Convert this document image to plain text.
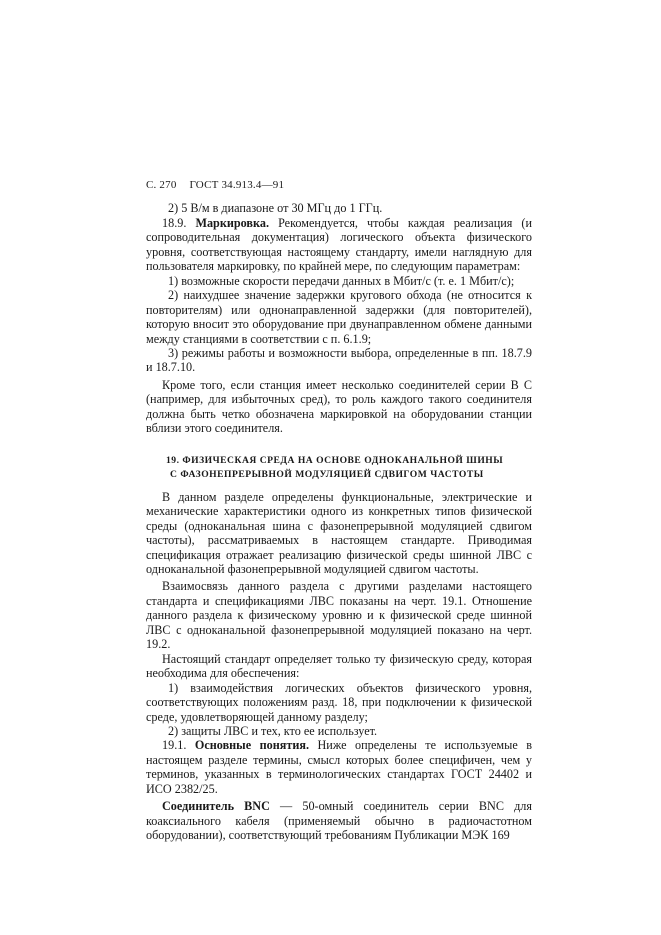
С. 270 ГОСТ 34.913.4—91

2) 5 В/м в диапазоне от 30 МГц до 1 ГГц.

18.9. Маркировка. Рекомендуется, чтобы каждая реализация (и сопроводительная документация) логического объекта физического уровня, соответствующая настоящему стандарту, имели наглядную для пользователя маркировку, по крайней мере, по следующим параметрам:

1) возможные скорости передачи данных в Мбит/с (т. е. 1 Мбит/с);

2) наихудшее значение задержки кругового обхода (не относится к повторителям) или однонаправленной задержки (для повторителей), которую вносит это оборудование при двунаправленном обмене данными между станциями в соответствии с п. 6.1.9;

3) режимы работы и возможности выбора, определенные в пп. 18.7.9 и 18.7.10.

Кроме того, если станция имеет несколько соединителей серии В С (например, для избыточных сред), то роль каждого такого соединителя должна быть четко обозначена маркировкой на оборудовании станции вблизи этого соединителя.

19. ФИЗИЧЕСКАЯ СРЕДА НА ОСНОВЕ ОДНОКАНАЛЬНОЙ ШИНЫ
С ФАЗОНЕПРЕРЫВНОЙ МОДУЛЯЦИЕЙ СДВИГОМ ЧАСТОТЫ

В данном разделе определены функциональные, электрические и механические характеристики одного из конкретных типов физической среды (одноканальная шина с фазонепрерывной модуляцией сдвигом частоты), рассматриваемых в настоящем стандарте. Приводимая спецификация отражает реализацию физической среды шинной ЛВС с одноканальной фазонепрерывной модуляцией сдвигом частоты.

Взаимосвязь данного раздела с другими разделами настоящего стандарта и спецификациями ЛВС показаны на черт. 19.1. Отношение данного раздела к физическому уровню и к физической среде шинной ЛВС с одноканальной фазонепрерывной модуляцией показано на черт. 19.2.

Настоящий стандарт определяет только ту физическую среду, которая необходима для обеспечения:

1) взаимодействия логических объектов физического уровня, соответствующих положениям разд. 18, при подключении к физической среде, удовлетворяющей данному разделу;

2) защиты ЛВС и тех, кто ее использует.

19.1. Основные понятия. Ниже определены те используемые в настоящем разделе термины, смысл которых более специфичен, чем у терминов, указанных в терминологических стандартах ГОСТ 24402 и ИСО 2382/25.

Соединитель BNC — 50-омный соединитель серии BNC для коаксиального кабеля (применяемый обычно в радиочастотном оборудовании), соответствующий требованиям Публикации МЭК 169
